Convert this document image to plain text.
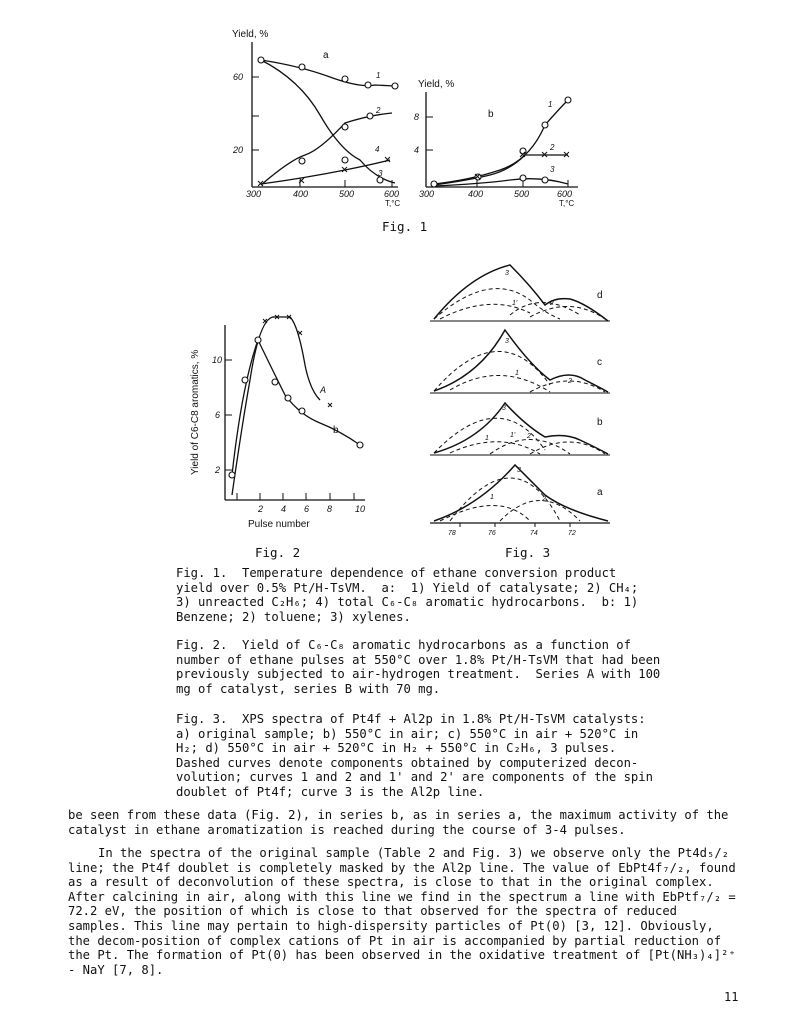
Yield, %
60
20
300	400	500	600
T,°C
a
1
2
3
4
Yield, %
8
4
300	400	500	600
T,°C
b
1
2
3
Fig. 1
Yield of C6-C8 aromatics, % 10
6
2
2 4 6 8	10
Pulse number
A
b
Fig. 2
d
3
1'	2
c
3
1
2
b
3
1	1' 2
a
3
1	2
78	76	74	72
Fig. 3

Fig. 1.  Temperature dependence of ethane conversion product
yield over 0.5% Pt/H-TsVM.  a:  1) Yield of catalysate; 2) CH₄;
3) unreacted C₂H₆; 4) total C₆-C₈ aromatic hydrocarbons.  b: 1)
Benzene; 2) toluene; 3) xylenes.

Fig. 2.  Yield of C₆-C₈ aromatic hydrocarbons as a function of
number of ethane pulses at 550°C over 1.8% Pt/H-TsVM that had been
previously subjected to air-hydrogen treatment.  Series A with 100
mg of catalyst, series B with 70 mg.

Fig. 3.  XPS spectra of Pt4f + Al2p in 1.8% Pt/H-TsVM catalysts:
a) original sample; b) 550°C in air; c) 550°C in air + 520°C in
H₂; d) 550°C in air + 520°C in H₂ + 550°C in C₂H₆, 3 pulses.
Dashed curves denote components obtained by computerized decon-
volution; curves 1 and 2 and 1' and 2' are components of the spin
doublet of Pt4f; curve 3 is the Al2p line.

be seen from these data (Fig. 2), in series b, as in series a, the maximum activity of the catalyst in ethane aromatization is reached during the course of 3-4 pulses.

In the spectra of the original sample (Table 2 and Fig. 3) we observe only the Pt4d₅/₂ line; the Pt4f doublet is completely masked by the Al2p line. The value of EbPt4f₇/₂, found as a result of deconvolution of these spectra, is close to that in the original complex. After calcining in air, along with this line we find in the spectrum a line with EbPtf₇/₂ = 72.2 eV, the position of which is close to that observed for the spectra of reduced samples. This line may pertain to high-dispersity particles of Pt(0) [3, 12]. Obviously, the decom-position of complex cations of Pt in air is accompanied by partial reduction of the Pt. The formation of Pt(0) has been observed in the oxidative treatment of [Pt(NH₃)₄]²⁺ - NaY [7, 8].

11
